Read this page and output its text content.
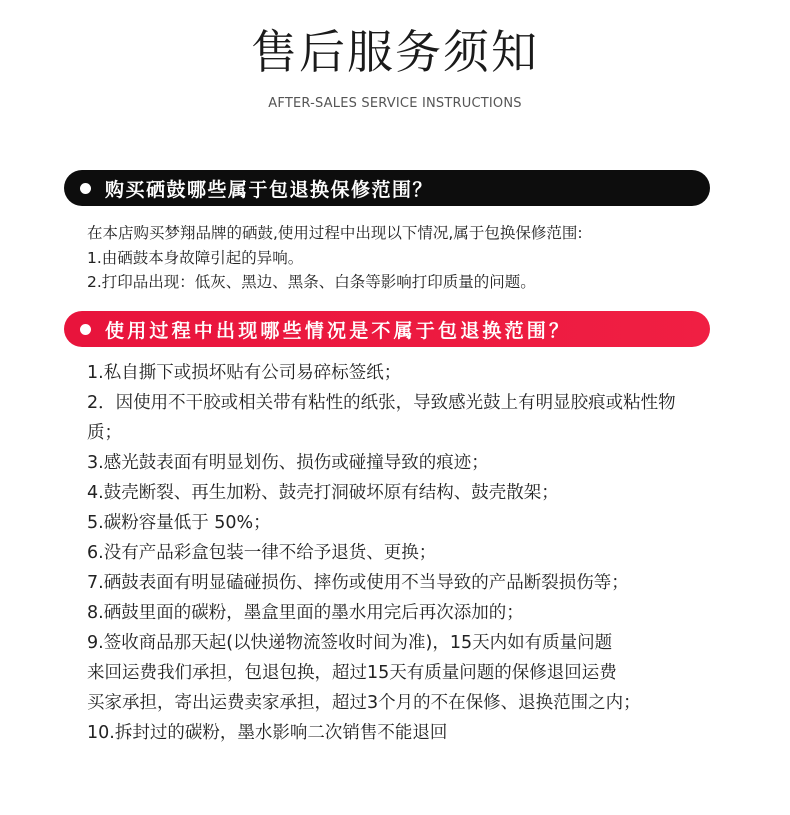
售后服务须知
AFTER-SALES SERVICE INSTRUCTIONS
购买硒鼓哪些属于包退换保修范围？
在本店购买梦翔品牌的硒鼓,使用过程中出现以下情况,属于包换保修范围:
1.由硒鼓本身故障引起的异响。
2.打印品出现：低灰、黑边、黑条、白条等影响打印质量的问题。
使用过程中出现哪些情况是不属于包退换范围？
1.私自撕下或损坏贴有公司易碎标签纸；
2．因使用不干胶或相关带有粘性的纸张，导致感光鼓上有明显胶痕或粘性物质；
3.感光鼓表面有明显划伤、损伤或碰撞导致的痕迹；
4.鼓壳断裂、再生加粉、鼓壳打洞破坏原有结构、鼓壳散架；
5.碳粉容量低于 50%；
6.没有产品彩盒包装一律不给予退货、更换；
7.硒鼓表面有明显磕碰损伤、摔伤或使用不当导致的产品断裂损伤等；
8.硒鼓里面的碳粉，墨盒里面的墨水用完后再次添加的；
9.签收商品那天起(以快递物流签收时间为准)，15天内如有质量问题
来回运费我们承担，包退包换，超过15天有质量问题的保修退回运费
买家承担，寄出运费卖家承担，超过3个月的不在保修、退换范围之内；
10.拆封过的碳粉，墨水影响二次销售不能退回
